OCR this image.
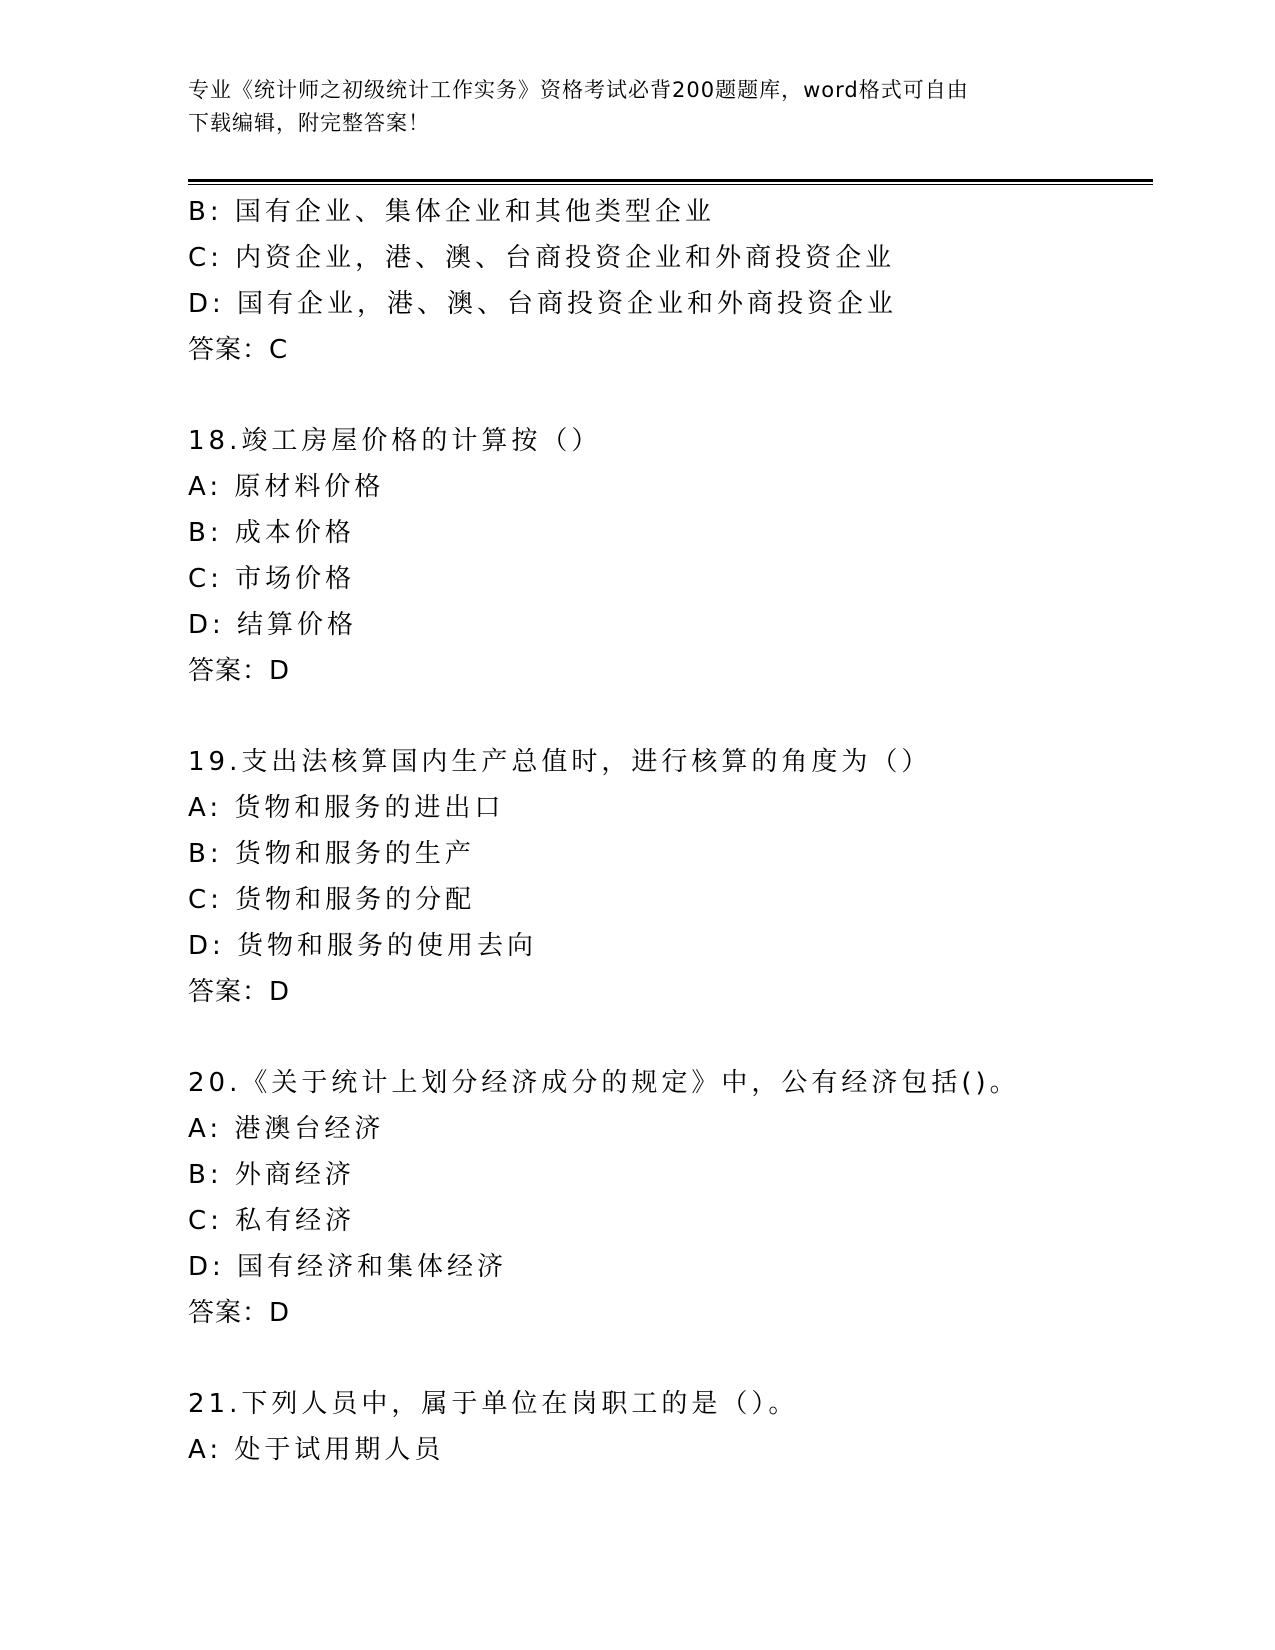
专业《统计师之初级统计工作实务》资格考试必背200题题库，word格式可自由
下载编辑，附完整答案！
B: 国有企业、集体企业和其他类型企业
C: 内资企业，港、澳、台商投资企业和外商投资企业
D: 国有企业，港、澳、台商投资企业和外商投资企业
答案：C
18.竣工房屋价格的计算按（）
A: 原材料价格
B: 成本价格
C: 市场价格
D: 结算价格
答案：D
19.支出法核算国内生产总值时，进行核算的角度为（）
A: 货物和服务的进出口
B: 货物和服务的生产
C: 货物和服务的分配
D: 货物和服务的使用去向
答案：D
20.《关于统计上划分经济成分的规定》中，公有经济包括()。
A: 港澳台经济
B: 外商经济
C: 私有经济
D: 国有经济和集体经济
答案：D
21.下列人员中，属于单位在岗职工的是（）。
A: 处于试用期人员
